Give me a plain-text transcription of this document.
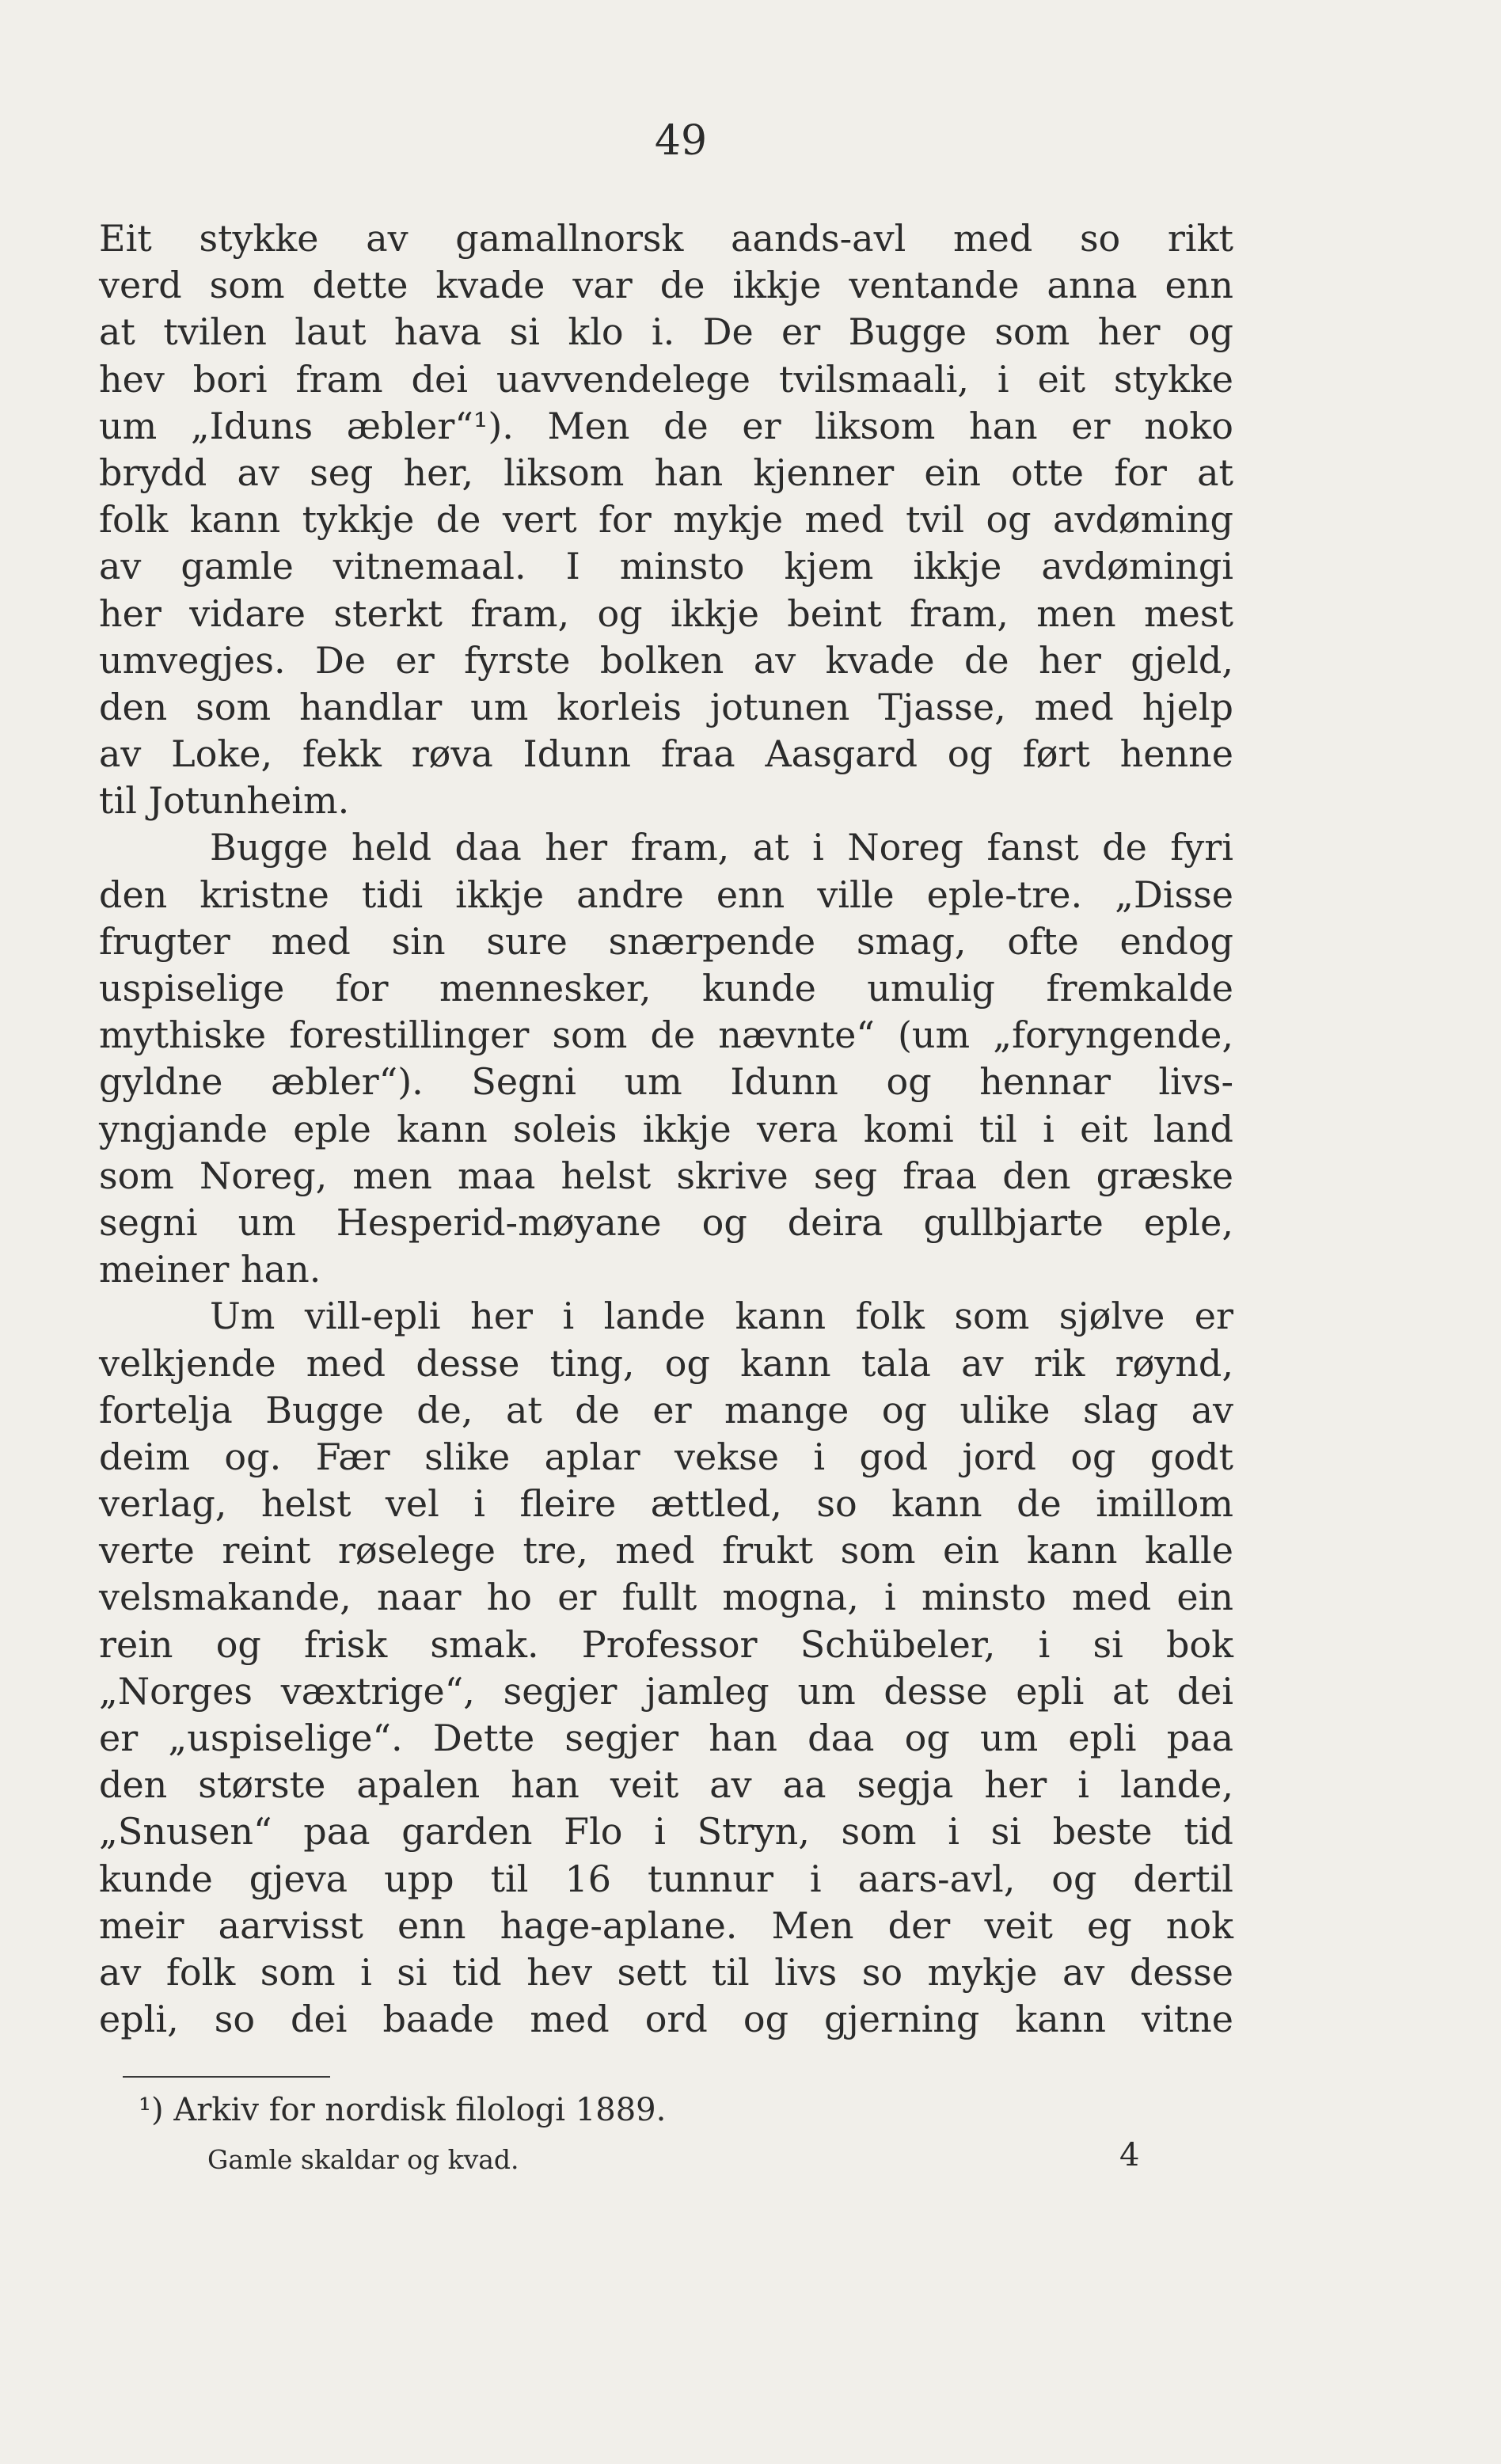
49
Eit stykke av gamallnorsk aands-avl med so rikt
verd som dette kvade var de ikkje ventande anna enn
at tvilen laut hava si klo i. De er Bugge som her og
hev bori fram dei uavvendelege tvilsmaali, i eit stykke
um „Iduns æbler“¹). Men de er liksom han er noko
brydd av seg her, liksom han kjenner ein otte for at
folk kann tykkje de vert for mykje med tvil og avdøming
av gamle vitnemaal. I minsto kjem ikkje avdømingi
her vidare sterkt fram, og ikkje beint fram, men mest
umvegjes. De er fyrste bolken av kvade de her gjeld,
den som handlar um korleis jotunen Tjasse, med hjelp
av Loke, fekk røva Idunn fraa Aasgard og ført henne
til Jotunheim.
Bugge held daa her fram, at i Noreg fanst de fyri
den kristne tidi ikkje andre enn ville eple-tre. „Disse
frugter med sin sure snærpende smag, ofte endog
uspiselige for mennesker, kunde umulig fremkalde
mythiske forestillinger som de nævnte“ (um „foryngende,
gyldne æbler“). Segni um Idunn og hennar livs-
yngjande eple kann soleis ikkje vera komi til i eit land
som Noreg, men maa helst skrive seg fraa den græske
segni um Hesperid-møyane og deira gullbjarte eple,
meiner han.
Um vill-epli her i lande kann folk som sjølve er
velkjende med desse ting, og kann tala av rik røynd,
fortelja Bugge de, at de er mange og ulike slag av
deim og. Fær slike aplar vekse i god jord og godt
verlag, helst vel i fleire ættled, so kann de imillom
verte reint røselege tre, med frukt som ein kann kalle
velsmakande, naar ho er fullt mogna, i minsto med ein
rein og frisk smak. Professor Schübeler, i si bok
„Norges væxtrige“, segjer jamleg um desse epli at dei
er „uspiselige“. Dette segjer han daa og um epli paa
den største apalen han veit av aa segja her i lande,
„Snusen“ paa garden Flo i Stryn, som i si beste tid
kunde gjeva upp til 16 tunnur i aars-avl, og dertil
meir aarvisst enn hage-aplane. Men der veit eg nok
av folk som i si tid hev sett til livs so mykje av desse
epli, so dei baade med ord og gjerning kann vitne
¹) Arkiv for nordisk filologi 1889.
Gamle skaldar og kvad.	4
